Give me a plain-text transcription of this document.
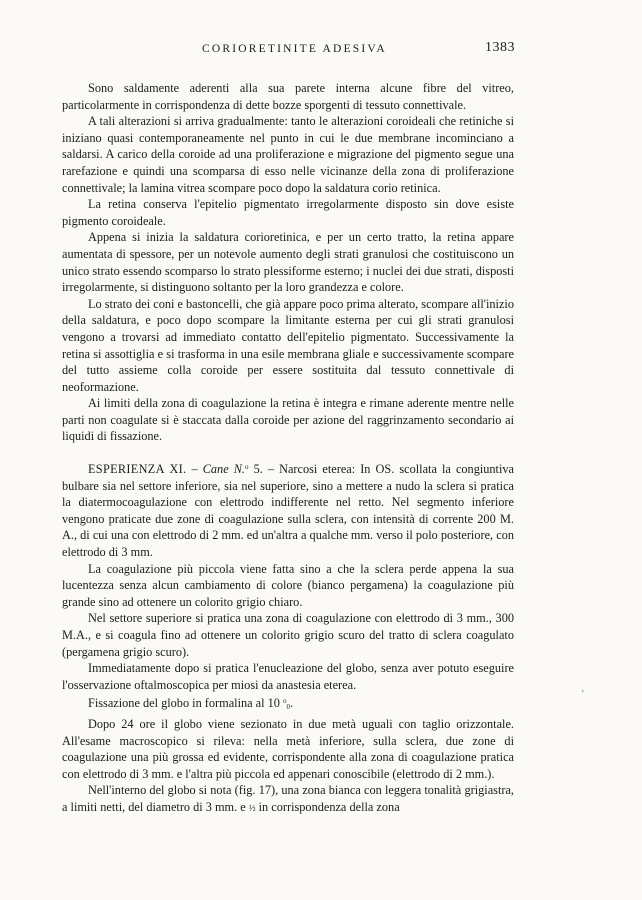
CORIORETINITE ADESIVA	1383

Sono saldamente aderenti alla sua parete interna alcune fibre del vitreo, particolarmente in corrispondenza di dette bozze sporgenti di tessuto connettivale.

A tali alterazioni si arriva gradualmente: tanto le alterazioni coroideali che retiniche si iniziano quasi contemporaneamente nel punto in cui le due membrane incominciano a saldarsi. A carico della coroide ad una proliferazione e migrazione del pigmento segue una rarefazione e quindi una scomparsa di esso nelle vicinanze della zona di proliferazione connettivale; la lamina vitrea scompare poco dopo la saldatura corio retinica.

La retina conserva l'epitelio pigmentato irregolarmente disposto sin dove esiste pigmento coroideale.

Appena si inizia la saldatura corioretinica, e per un certo tratto, la retina appare aumentata di spessore, per un notevole aumento degli strati granulosi che costituiscono un unico strato essendo scomparso lo strato plessiforme esterno; i nuclei dei due strati, disposti irregolarmente, si distinguono soltanto per la loro grandezza e colore.

Lo strato dei coni e bastoncelli, che già appare poco prima alterato, scompare all'inizio della saldatura, e poco dopo scompare la limitante esterna per cui gli strati granulosi vengono a trovarsi ad immediato contatto dell'epitelio pigmentato. Successivamente la retina si assottiglia e si trasforma in una esile membrana gliale e successivamente scompare del tutto assieme colla coroide per essere sostituita dal tessuto connettivale di neoformazione.

Ai limiti della zona di coagulazione la retina è integra e rimane aderente mentre nelle parti non coagulate si è staccata dalla coroide per azione del raggrinzamento secondario ai liquidi di fissazione.

ESPERIENZA XI. – Cane N.$^o$ 5. – Narcosi eterea: In OS. scollata la congiuntiva bulbare sia nel settore inferiore, sia nel superiore, sino a mettere a nudo la sclera si pratica la diatermocoagulazione con elettrodo indifferente nel retto. Nel segmento inferiore vengono praticate due zone di coagulazione sulla sclera, con intensità di corrente 200 M. A., di cui una con elettrodo di 2 mm. ed un'altra a qualche mm. verso il polo posteriore, con elettrodo di 3 mm.

La coagulazione più piccola viene fatta sino a che la sclera perde appena la sua lucentezza senza alcun cambiamento di colore (bianco pergamena) la coagulazione più grande sino ad ottenere un colorito grigio chiaro.

Nel settore superiore si pratica una zona di coagulazione con elettrodo di 3 mm., 300 M.A., e si coagula fino ad ottenere un colorito grigio scuro del tratto di sclera coagulato (pergamena grigio scuro).

Immediatamente dopo si pratica l'enucleazione del globo, senza aver potuto eseguire l'osservazione oftalmoscopica per miosi da anastesia eterea.

Fissazione del globo in formalina al 10 $^o_0$.

Dopo 24 ore il globo viene sezionato in due metà uguali con taglio orizzontale. All'esame macroscopico si rileva: nella metà inferiore, sulla sclera, due zone di coagulazione una più grossa ed evidente, corrispondente alla zona di coagulazione pratica con elettrodo di 3 mm. e l'altra più piccola ed appenari conoscibile (elettrodo di 2 mm.).

Nell'interno del globo si nota (fig. 17), una zona bianca con leggera tonalità grigiastra, a limiti netti, del diametro di 3 mm. e ½ in corrispondenza della zona

,
